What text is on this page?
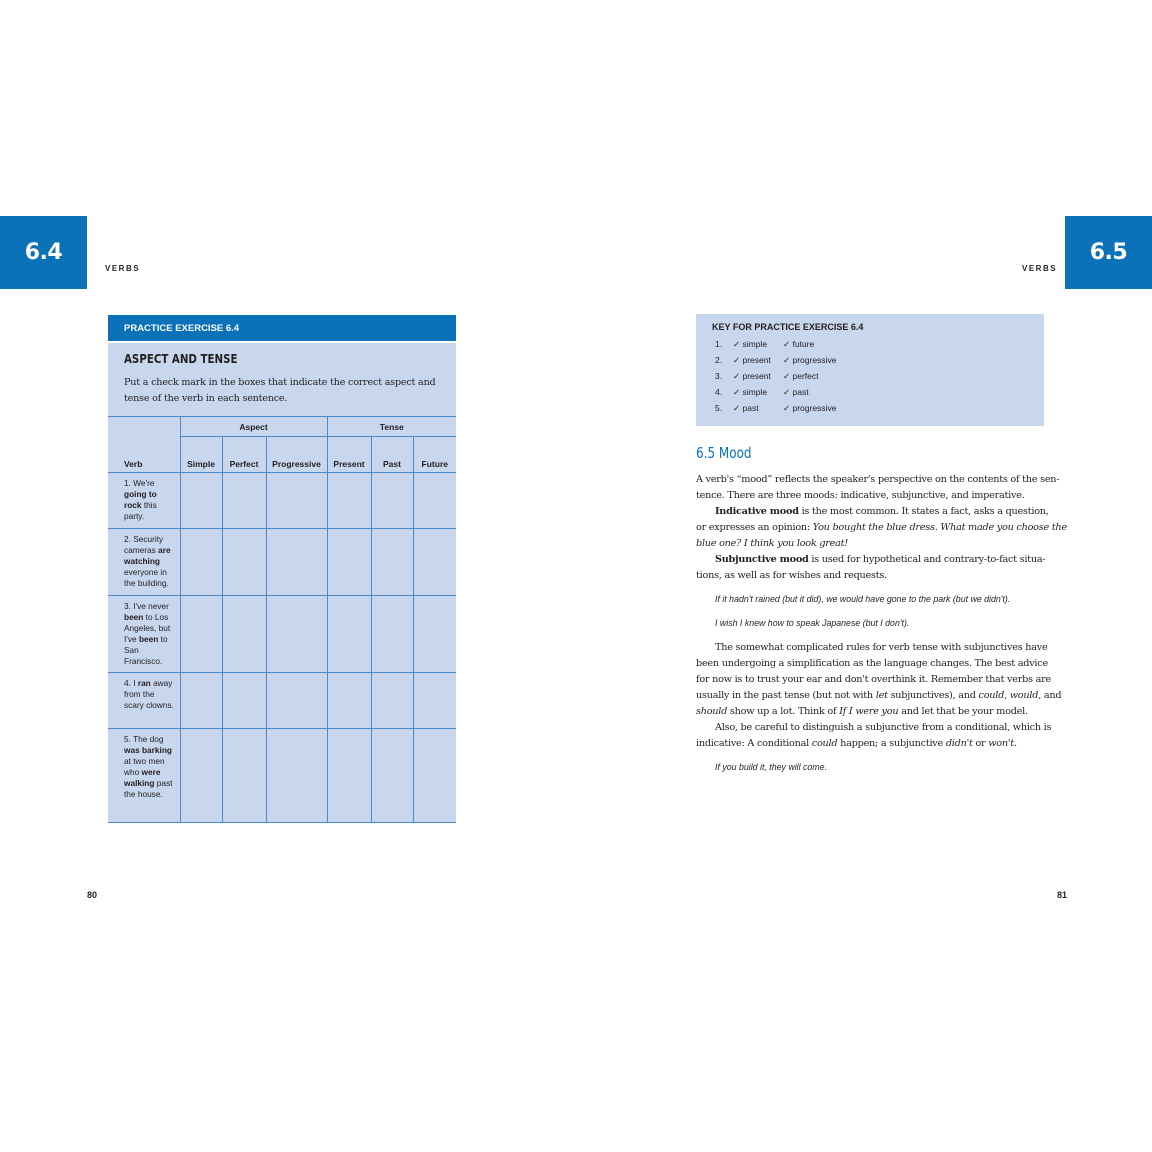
6.4
VERBS
PRACTICE EXERCISE 6.4
ASPECT AND TENSE
Put a check mark in the boxes that indicate the correct aspect and
tense of the verb in each sentence.
Verb	Aspect			Tense		
	Simple	Perfect	Progressive	Present	Past	Future
1. We're going to rock this party.						
2. Security cameras are watching everyone in the building.						
3. I've never been to Los Angeles, but I've been to San Francisco.						
4. I ran away from the scary clowns.						
5. The dog was barking at two men who were walking past the house.						
80
6.5
VERBS
KEY FOR PRACTICE EXERCISE 6.4
1. ✓ simple ✓ future
2. ✓ present ✓ progressive
3. ✓ present ✓ perfect
4. ✓ simple ✓ past
5. ✓ past	✓ progressive
6.5 Mood

A verb's “mood” reflects the speaker's perspective on the contents of the sen-

tence. There are three moods: indicative, subjunctive, and imperative.

Indicative mood is the most common. It states a fact, asks a question,

or expresses an opinion: You bought the blue dress. What made you choose the

blue one? I think you look great!

Subjunctive mood is used for hypothetical and contrary-to-fact situa-

tions, as well as for wishes and requests.

If it hadn't rained (but it did), we would have gone to the park (but we didn't).
I wish I knew how to speak Japanese (but I don't).

The somewhat complicated rules for verb tense with subjunctives have

been undergoing a simplification as the language changes. The best advice

for now is to trust your ear and don't overthink it. Remember that verbs are

usually in the past tense (but not with let subjunctives), and could, would, and

should show up a lot. Think of If I were you and let that be your model.

Also, be careful to distinguish a subjunctive from a conditional, which is

indicative: A conditional could happen; a subjunctive didn't or won't.

If you build it, they will come.
81
